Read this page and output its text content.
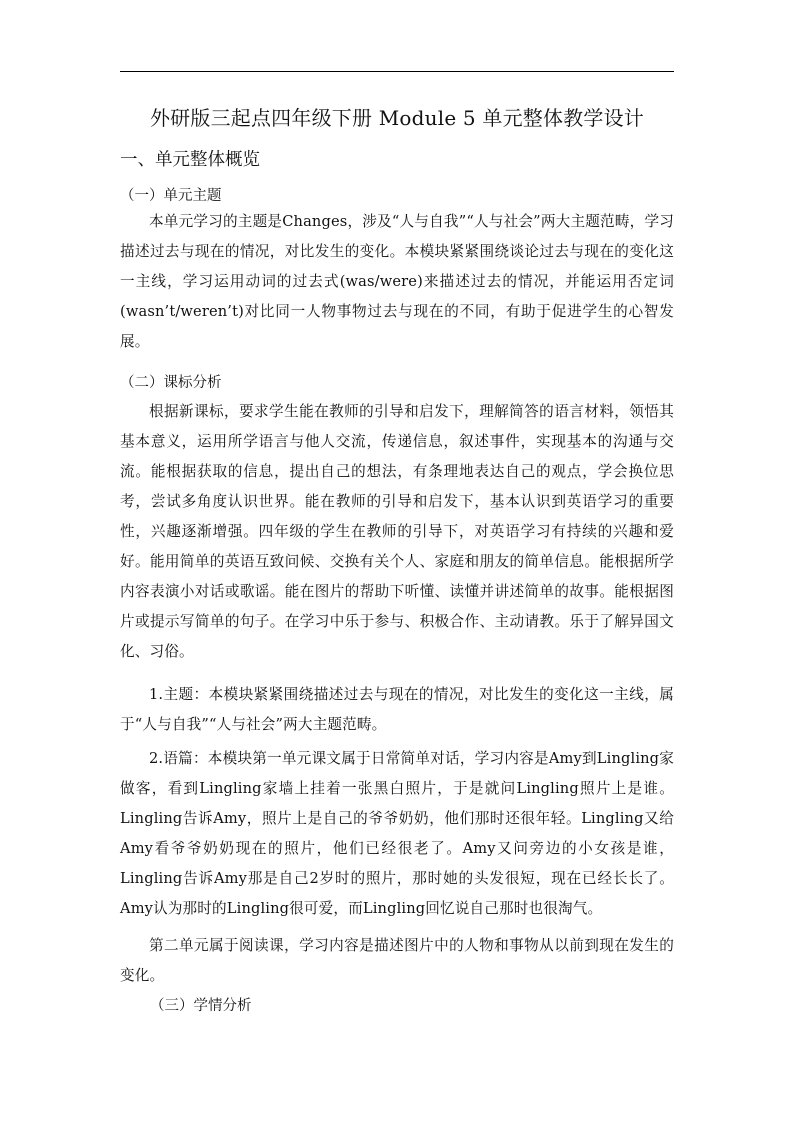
外研版三起点四年级下册 Module 5 单元整体教学设计
一、单元整体概览
（一）单元主题
本单元学习的主题是Changes，涉及“人与自我”“人与社会”两大主题范畴，学习描述过去与现在的情况，对比发生的变化。本模块紧紧围绕谈论过去与现在的变化这一主线，学习运用动词的过去式(was/were)来描述过去的情况，并能运用否定词(wasn’t/weren’t)对比同一人物事物过去与现在的不同，有助于促进学生的心智发展。
（二）课标分析
根据新课标，要求学生能在教师的引导和启发下，理解简答的语言材料，领悟其基本意义，运用所学语言与他人交流，传递信息，叙述事件，实现基本的沟通与交流。能根据获取的信息，提出自己的想法，有条理地表达自己的观点，学会换位思考，尝试多角度认识世界。能在教师的引导和启发下，基本认识到英语学习的重要性，兴趣逐渐增强。四年级的学生在教师的引导下，对英语学习有持续的兴趣和爱好。能用简单的英语互致问候、交换有关个人、家庭和朋友的简单信息。能根据所学内容表演小对话或歌谣。能在图片的帮助下听懂、读懂并讲述简单的故事。能根据图片或提示写简单的句子。在学习中乐于参与、积极合作、主动请教。乐于了解异国文化、习俗。
1.主题：本模块紧紧围绕描述过去与现在的情况，对比发生的变化这一主线，属于“人与自我”“人与社会”两大主题范畴。
2.语篇：本模块第一单元课文属于日常简单对话，学习内容是Amy到Lingling家做客，看到Lingling家墙上挂着一张黑白照片，于是就问Lingling照片上是谁。Lingling告诉Amy，照片上是自己的爷爷奶奶，他们那时还很年轻。Lingling又给Amy看爷爷奶奶现在的照片，他们已经很老了。Amy又问旁边的小女孩是谁，Lingling告诉Amy那是自己2岁时的照片，那时她的头发很短，现在已经长长了。Amy认为那时的Lingling很可爱，而Lingling回忆说自己那时也很淘气。
第二单元属于阅读课，学习内容是描述图片中的人物和事物从以前到现在发生的变化。
（三）学情分析
